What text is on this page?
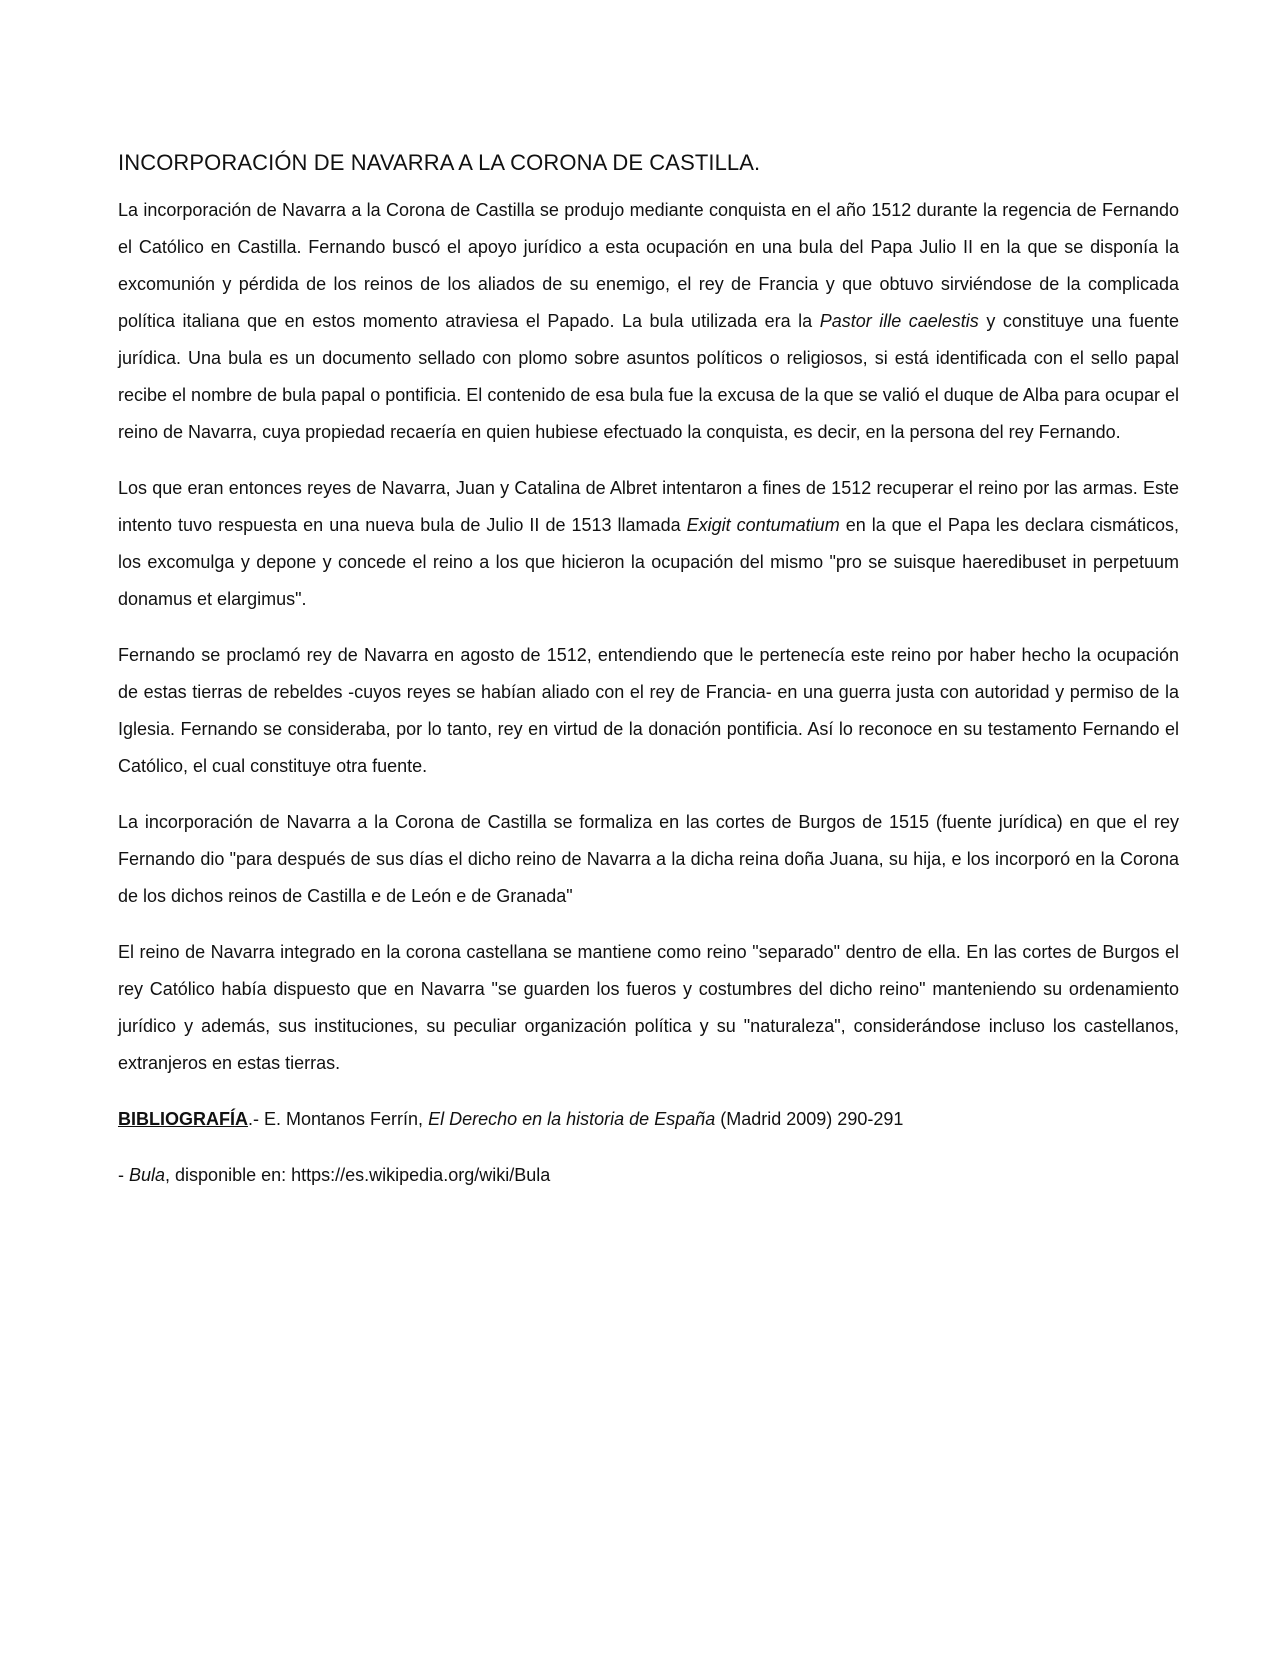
INCORPORACIÓN DE NAVARRA A LA CORONA DE CASTILLA.

La incorporación de Navarra a la Corona de Castilla se produjo mediante conquista en el año 1512 durante la regencia de Fernando el Católico en Castilla. Fernando buscó el apoyo jurídico a esta ocupación en una bula del Papa Julio II en la que se disponía la excomunión y pérdida de los reinos de los aliados de su enemigo, el rey de Francia y que obtuvo sirviéndose de la complicada política italiana que en estos momento atraviesa el Papado. La bula utilizada era la Pastor ille caelestis y constituye una fuente jurídica. Una bula es un documento sellado con plomo sobre asuntos políticos o religiosos, si está identificada con el sello papal recibe el nombre de bula papal o pontificia. El contenido de esa bula fue la excusa de la que se valió el duque de Alba para ocupar el reino de Navarra, cuya propiedad recaería en quien hubiese efectuado la conquista, es decir, en la persona del rey Fernando.

Los que eran entonces reyes de Navarra, Juan y Catalina de Albret intentaron a fines de 1512 recuperar el reino por las armas. Este intento tuvo respuesta en una nueva bula de Julio II de 1513 llamada Exigit contumatium en la que el Papa les declara cismáticos, los excomulga y depone y concede el reino a los que hicieron la ocupación del mismo "pro se suisque haeredibuset in perpetuum donamus et elargimus".

Fernando se proclamó rey de Navarra en agosto de 1512, entendiendo que le pertenecía este reino por haber hecho la ocupación de estas tierras de rebeldes -cuyos reyes se habían aliado con el rey de Francia- en una guerra justa con autoridad y permiso de la Iglesia. Fernando se consideraba, por lo tanto, rey en virtud de la donación pontificia. Así lo reconoce en su testamento Fernando el Católico, el cual constituye otra fuente.

La incorporación de Navarra a la Corona de Castilla se formaliza en las cortes de Burgos de 1515 (fuente jurídica) en que el rey Fernando dio "para después de sus días el dicho reino de Navarra a la dicha reina doña Juana, su hija, e los incorporó en la Corona de los dichos reinos de Castilla e de León e de Granada"

El reino de Navarra integrado en la corona castellana se mantiene como reino "separado" dentro de ella. En las cortes de Burgos el rey Católico había dispuesto que en Navarra "se guarden los fueros y costumbres del dicho reino" manteniendo su ordenamiento jurídico y además, sus instituciones, su peculiar organización política y su "naturaleza", considerándose incluso los castellanos, extranjeros en estas tierras.

BIBLIOGRAFÍA.- E. Montanos Ferrín, El Derecho en la historia de España (Madrid 2009) 290-291

- Bula, disponible en: https://es.wikipedia.org/wiki/Bula
